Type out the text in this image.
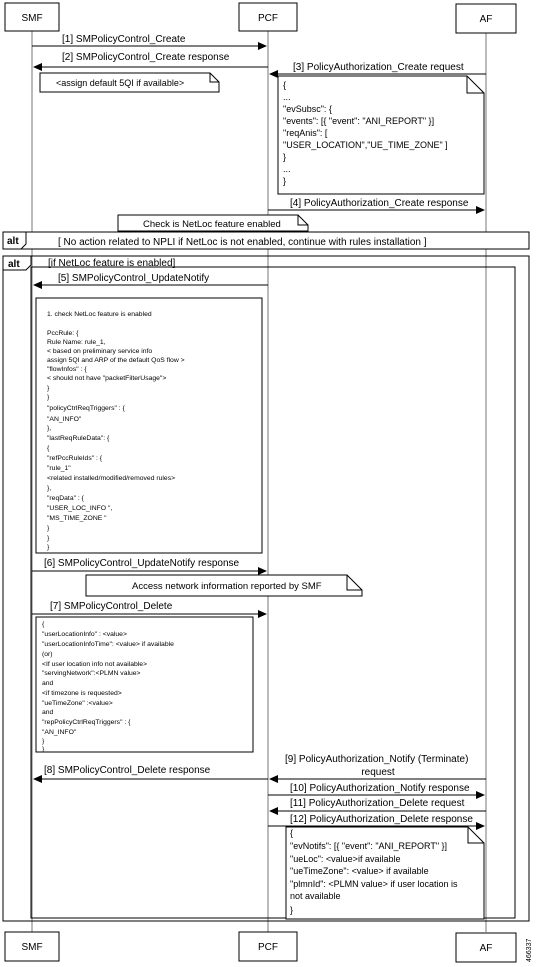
SMF	PCF	AF
SMF	PCF	AF
[1] SMPolicyControl_Create
[2] SMPolicyControl_Create response
<assign default 5QI if available>
[3] PolicyAuthorization_Create request
{ ... "evSubsc": { "events": [{ "event": "ANI_REPORT" }] "reqAnis": [ "USER_LOCATION","UE_TIME_ZONE" ] } ... }
[4] PolicyAuthorization_Create response
Check is NetLoc feature enabled
alt	[ No action related to NPLI if NetLoc is not enabled, continue with rules installation ]
alt	[if NetLoc feature is enabled]
[5] SMPolicyControl_UpdateNotify
1. check NetLoc feature is enabled PccRule: { Rule Name: rule_1, < based on preliminary service info assign 5QI and ARP of the default QoS flow > "flowInfos" : { < should not have "packetFilterUsage"> } } "policyCtrlReqTriggers" : { "AN_INFO" }, "lastReqRuleData": { { "refPccRuleIds" : { "rule_1" <related installed/modified/removed rules> }, "reqData" : { "USER_LOC_INFO ", "MS_TIME_ZONE " } } }
[6] SMPolicyControl_UpdateNotify response
Access network information reported by SMF
[7] SMPolicyControl_Delete
{ "userLocationInfo" : <value> "userLocationInfoTime": <value> if available (or) <If user location info not available> "servingNetwork":<PLMN value> and <if timezone is requested> "ueTimeZone" :<value> and "repPolicyCtrlReqTriggers" : { "AN_INFO" } }
[8] SMPolicyControl_Delete response
[9] PolicyAuthorization_Notify (Terminate)
request
[10] PolicyAuthorization_Notify response
[11] PolicyAuthorization_Delete request
[12] PolicyAuthorization_Delete response
{ "evNotifs": [{ "event": "ANI_REPORT" }] "ueLoc": <value>if available "ueTimeZone": <value> if available "plmnId": <PLMN value> if user location is not available }
466337
